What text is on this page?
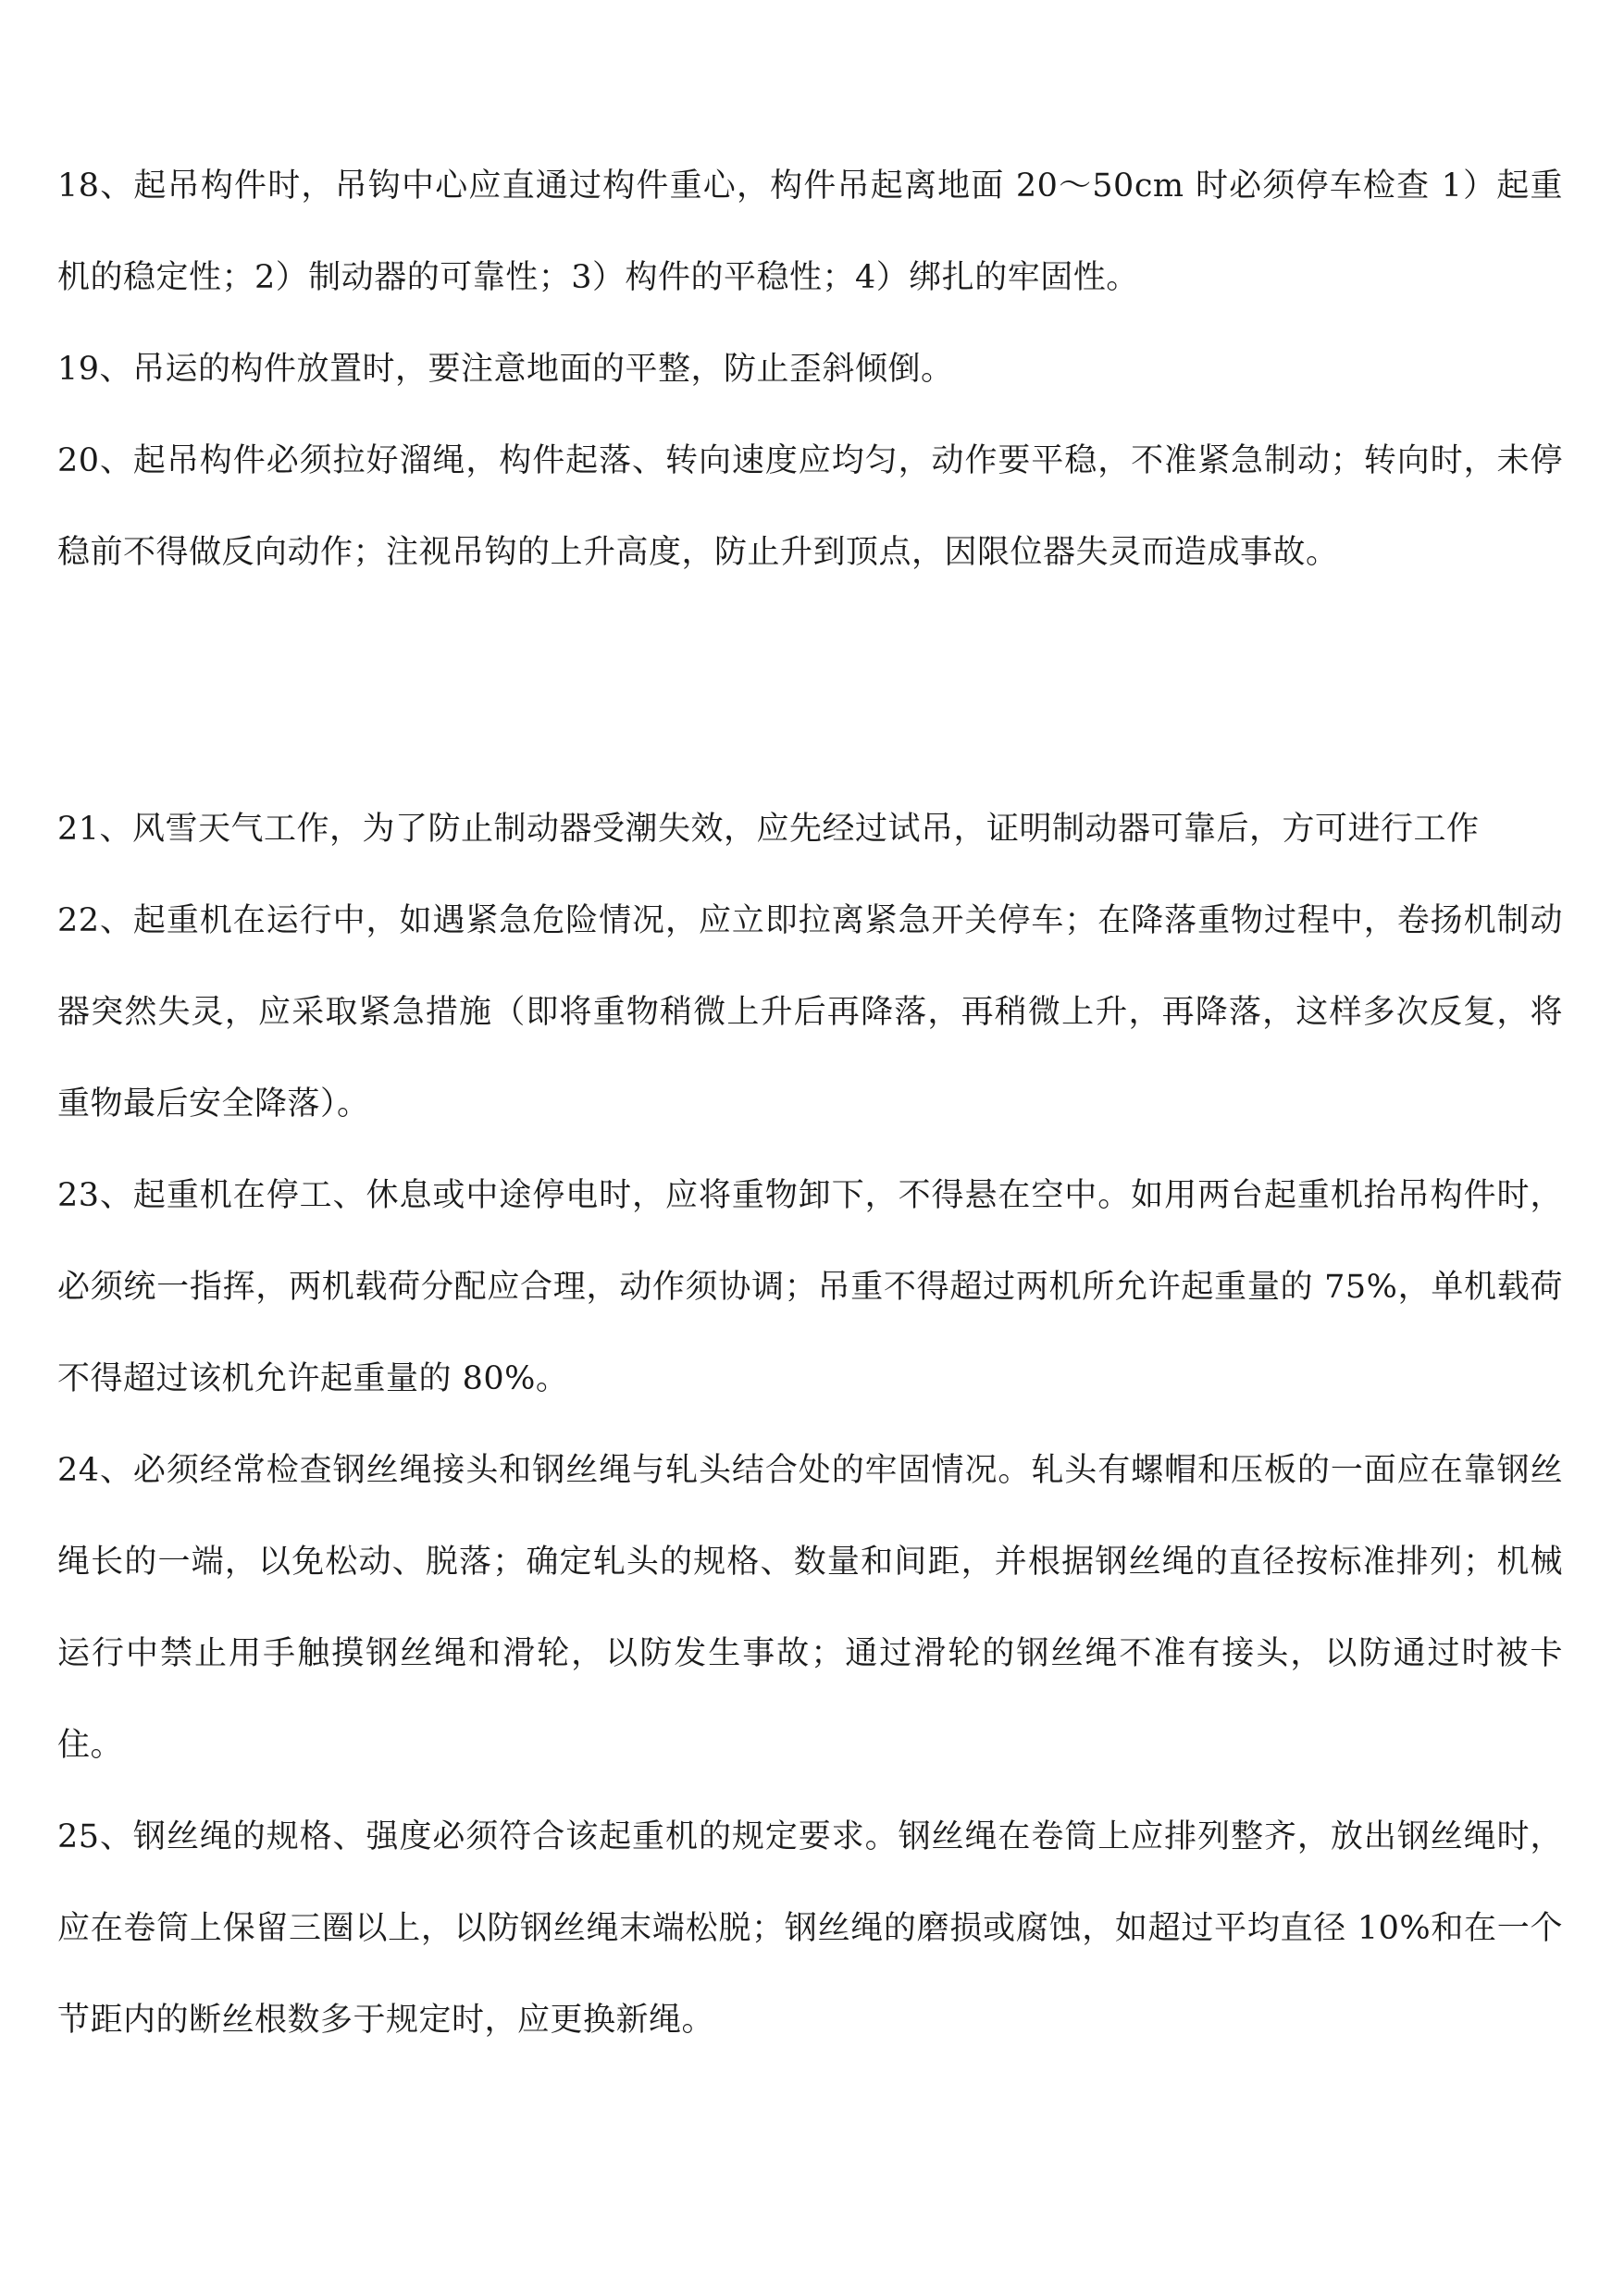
18、起吊构件时，吊钩中心应直通过构件重心，构件吊起离地面 20～50cm 时必须停车检查 1）起重机的稳定性；2）制动器的可靠性；3）构件的平稳性；4）绑扎的牢固性。

19、吊运的构件放置时，要注意地面的平整，防止歪斜倾倒。

20、起吊构件必须拉好溜绳，构件起落、转向速度应均匀，动作要平稳，不准紧急制动；转向时，未停稳前不得做反向动作；注视吊钩的上升高度，防止升到顶点，因限位器失灵而造成事故。

21、风雪天气工作，为了防止制动器受潮失效，应先经过试吊，证明制动器可靠后，方可进行工作

22、起重机在运行中，如遇紧急危险情况，应立即拉离紧急开关停车；在降落重物过程中，卷扬机制动器突然失灵，应采取紧急措施（即将重物稍微上升后再降落，再稍微上升，再降落，这样多次反复，将重物最后安全降落）。

23、起重机在停工、休息或中途停电时，应将重物卸下，不得悬在空中。如用两台起重机抬吊构件时，必须统一指挥，两机载荷分配应合理，动作须协调；吊重不得超过两机所允许起重量的 75%，单机载荷不得超过该机允许起重量的 80%。

24、必须经常检查钢丝绳接头和钢丝绳与轧头结合处的牢固情况。轧头有螺帽和压板的一面应在靠钢丝绳长的一端，以免松动、脱落；确定轧头的规格、数量和间距，并根据钢丝绳的直径按标准排列；机械运行中禁止用手触摸钢丝绳和滑轮，以防发生事故；通过滑轮的钢丝绳不准有接头，以防通过时被卡住。

25、钢丝绳的规格、强度必须符合该起重机的规定要求。钢丝绳在卷筒上应排列整齐，放出钢丝绳时，应在卷筒上保留三圈以上，以防钢丝绳末端松脱；钢丝绳的磨损或腐蚀，如超过平均直径 10%和在一个节距内的断丝根数多于规定时，应更换新绳。
